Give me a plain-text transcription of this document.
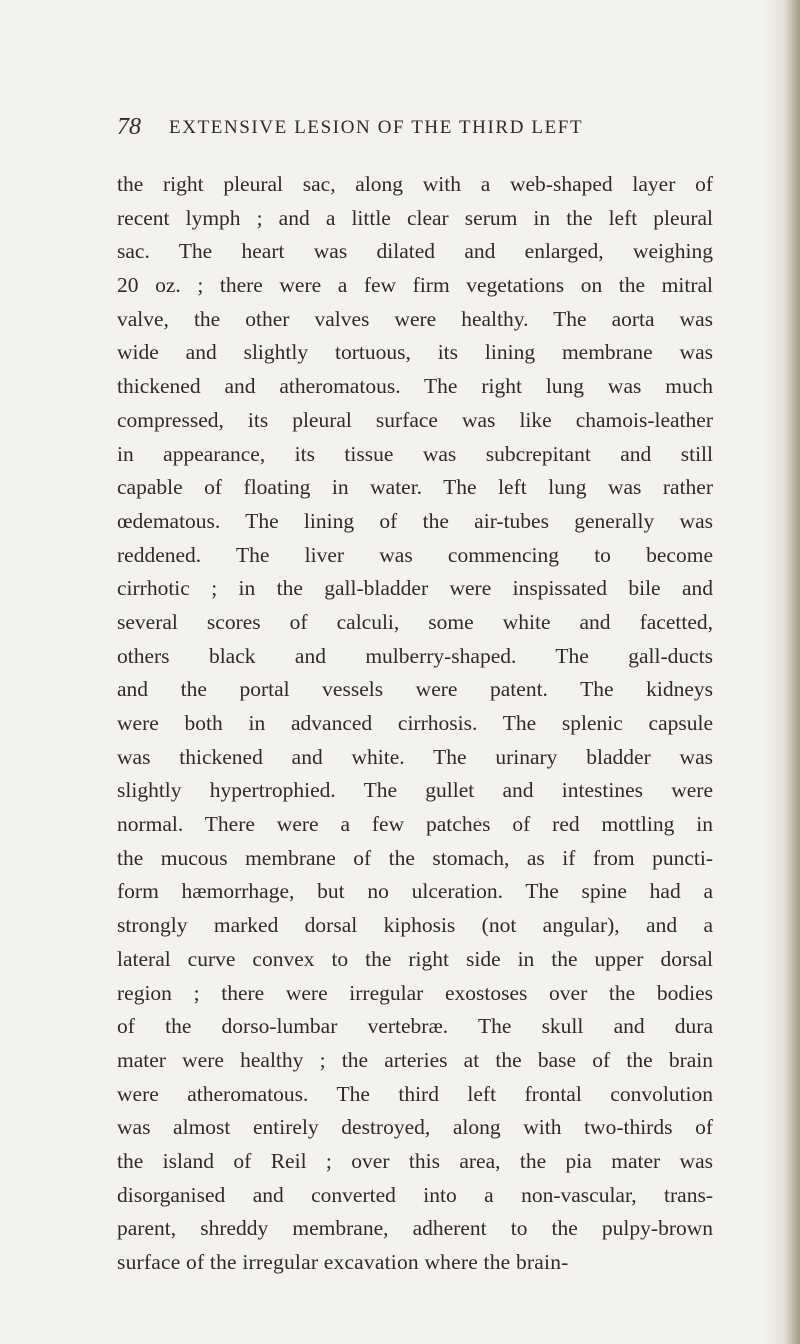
78 EXTENSIVE LESION OF THE THIRD LEFT
the right pleural sac, along with a web-shaped layer of
recent lymph ; and a little clear serum in the left pleural
sac. The heart was dilated and enlarged, weighing
20 oz. ; there were a few firm vegetations on the mitral
valve, the other valves were healthy. The aorta was
wide and slightly tortuous, its lining membrane was
thickened and atheromatous. The right lung was much
compressed, its pleural surface was like chamois-leather
in appearance, its tissue was subcrepitant and still
capable of floating in water. The left lung was rather
œdematous. The lining of the air-tubes generally was
reddened. The liver was commencing to become
cirrhotic ; in the gall-bladder were inspissated bile and
several scores of calculi, some white and facetted,
others black and mulberry-shaped. The gall-ducts
and the portal vessels were patent. The kidneys
were both in advanced cirrhosis. The splenic capsule
was thickened and white. The urinary bladder was
slightly hypertrophied. The gullet and intestines were
normal. There were a few patches of red mottling in
the mucous membrane of the stomach, as if from puncti-
form hæmorrhage, but no ulceration. The spine had a
strongly marked dorsal kiphosis (not angular), and a
lateral curve convex to the right side in the upper dorsal
region ; there were irregular exostoses over the bodies
of the dorso-lumbar vertebræ. The skull and dura
mater were healthy ; the arteries at the base of the brain
were atheromatous. The third left frontal convolution
was almost entirely destroyed, along with two-thirds of
the island of Reil ; over this area, the pia mater was
disorganised and converted into a non-vascular, trans-
parent, shreddy membrane, adherent to the pulpy-brown
surface of the irregular excavation where the brain-
